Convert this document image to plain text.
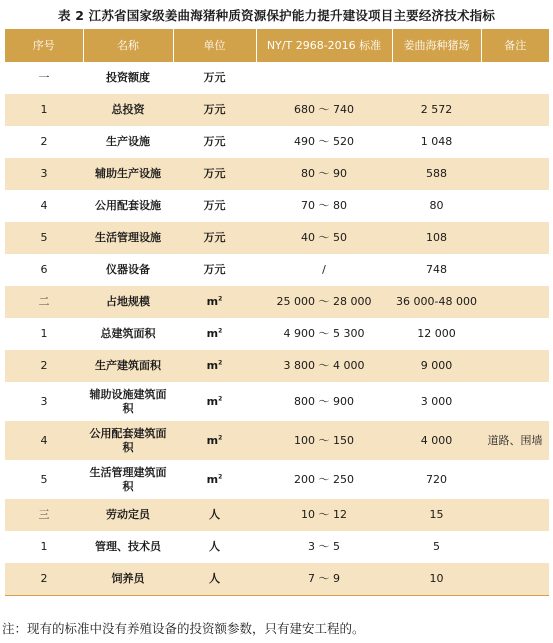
表 2 江苏省国家级姜曲海猪种质资源保护能力提升建设项目主要经济技术指标
序号	名称	单位	NY/T 2968-2016 标准	姜曲海种猪场	备注
一	投资额度	万元			
1	总投资	万元	680 ～ 740	2 572	
2	生产设施	万元	490 ～ 520	1 048	
3	辅助生产设施	万元	80 ～ 90	588	
4	公用配套设施	万元	70 ～ 80	80	
5	生活管理设施	万元	40 ～ 50	108	
6	仪器设备	万元	/	748	
二	占地规模	$m^2$	25 000 ～ 28 000	36 000-48 000	
1	总建筑面积	$m^2$	4 900 ～ 5 300	12 000	
2	生产建筑面积	$m^2$	3 800 ～ 4 000	9 000	
3	辅助设施建筑面积	$m^2$	800 ～ 900	3 000	
4	公用配套建筑面积	$m^2$	100 ～ 150	4 000	道路、围墙
5	生活管理建筑面积	$m^2$	200 ～ 250	720	
三	劳动定员	人	10 ～ 12	15	
1	管理、技术员	人	3 ～ 5	5	
2	饲养员	人	7 ～ 9	10	
注：现有的标准中没有养殖设备的投资额参数，只有建安工程的。
